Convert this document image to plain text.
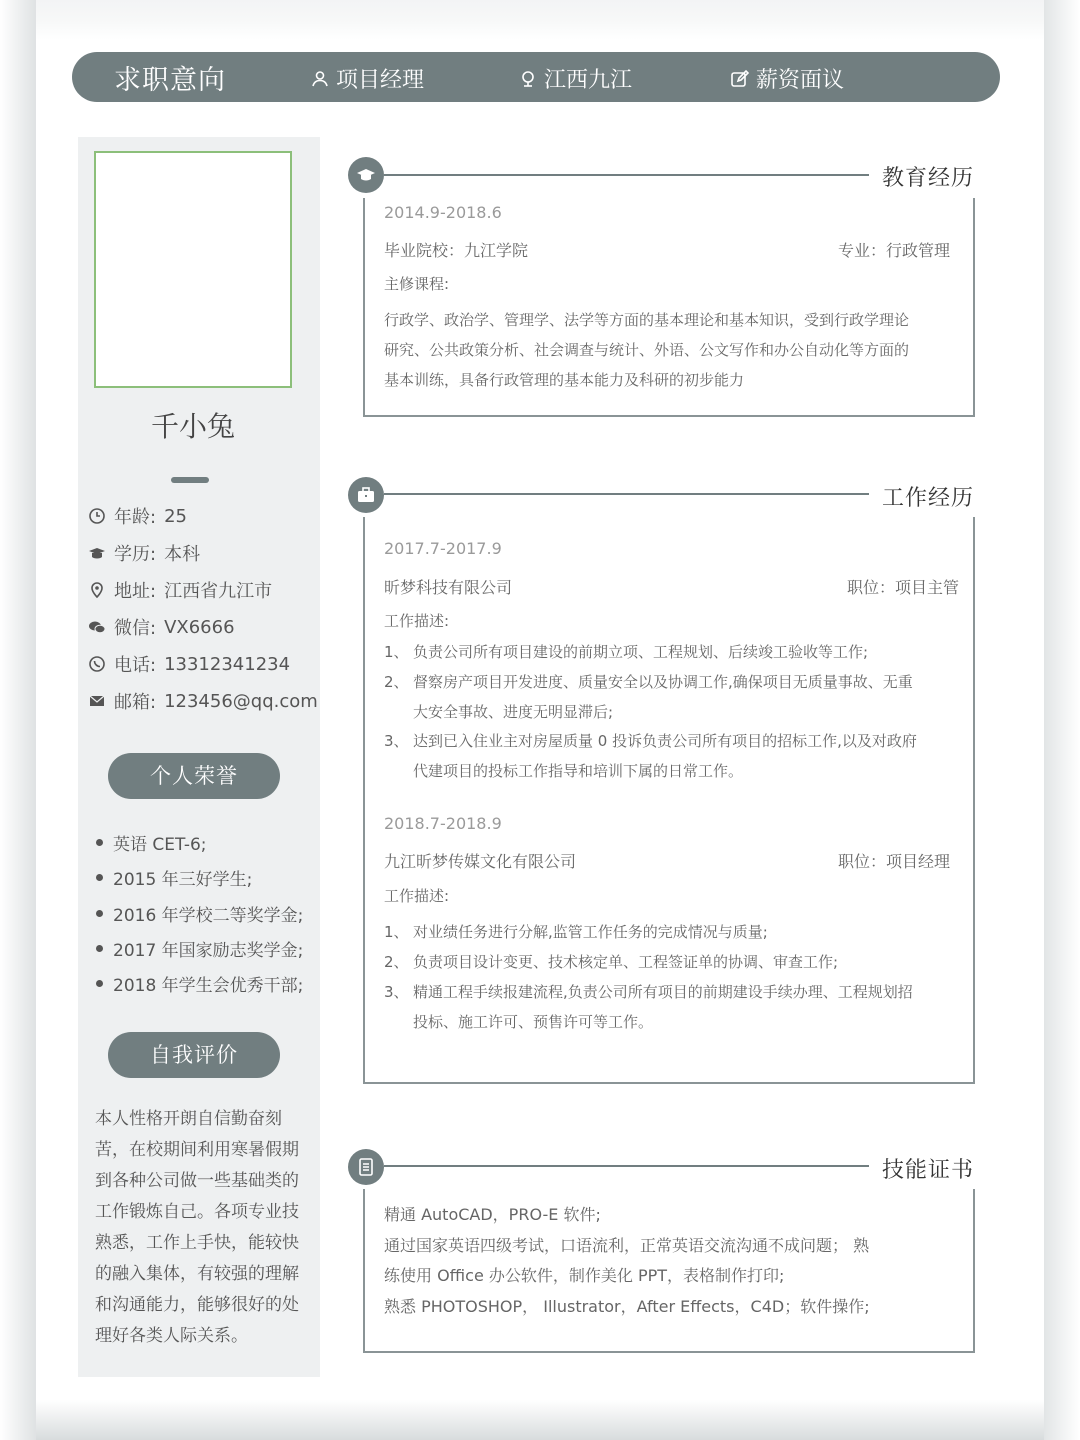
求职意向	项目经理	江西九江	薪资面议
千小兔
年龄: 25
学历: 本科
地址: 江西省九江市
微信: VX6666
电话: 13312341234
邮箱: 123456@qq.com
个人荣誉
英语 CET-6;
2015 年三好学生;
2016 年学校二等奖学金;
2017 年国家励志奖学金;
2018 年学生会优秀干部;
自我评价
本人性格开朗自信勤奋刻
苦，在校期间利用寒暑假期
到各种公司做一些基础类的
工作锻炼自己。各项专业技
熟悉，工作上手快，能较快
的融入集体，有较强的理解
和沟通能力，能够很好的处
理好各类人际关系。
教育经历
2014.9-2018.6
毕业院校：九江学院	专业：行政管理
主修课程:
行政学、政治学、管理学、法学等方面的基本理论和基本知识，受到行政学理论
研究、公共政策分析、社会调查与统计、外语、公文写作和办公自动化等方面的
基本训练，具备行政管理的基本能力及科研的初步能力
工作经历
2017.7-2017.9
昕梦科技有限公司	职位：项目主管
工作描述:
1、 负责公司所有项目建设的前期立项、工程规划、后续竣工验收等工作;
2、 督察房产项目开发进度、质量安全以及协调工作,确保项目无质量事故、无重
大安全事故、进度无明显滞后;
3、 达到已入住业主对房屋质量 0 投诉负责公司所有项目的招标工作,以及对政府
代建项目的投标工作指导和培训下属的日常工作。
2018.7-2018.9
九江昕梦传媒文化有限公司	职位：项目经理
工作描述:
1、 对业绩任务进行分解,监管工作任务的完成情况与质量;
2、 负责项目设计变更、技术核定单、工程签证单的协调、审查工作;
3、 精通工程手续报建流程,负责公司所有项目的前期建设手续办理、工程规划招
投标、施工许可、预售许可等工作。
技能证书
精通 AutoCAD，PRO-E 软件;
通过国家英语四级考试，口语流利，正常英语交流沟通不成问题； 熟
练使用 Office 办公软件，制作美化 PPT，表格制作打印;
熟悉 PHOTOSHOP， Illustrator，After Effects，C4D；软件操作;
